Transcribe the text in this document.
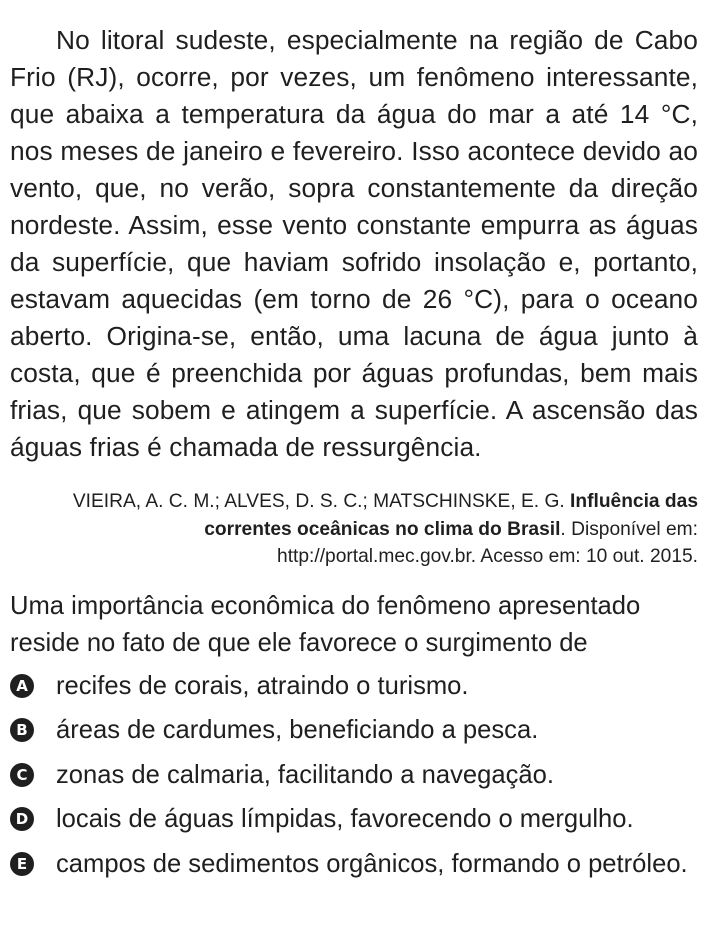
No litoral sudeste, especialmente na região de Cabo Frio (RJ), ocorre, por vezes, um fenômeno interessante, que abaixa a temperatura da água do mar a até 14 °C, nos meses de janeiro e fevereiro. Isso acontece devido ao vento, que, no verão, sopra constantemente da direção nordeste. Assim, esse vento constante empurra as águas da superfície, que haviam sofrido insolação e, portanto, estavam aquecidas (em torno de 26 °C), para o oceano aberto. Origina-se, então, uma lacuna de água junto à costa, que é preenchida por águas profundas, bem mais frias, que sobem e atingem a superfície. A ascensão das águas frias é chamada de ressurgência.

VIEIRA, A. C. M.; ALVES, D. S. C.; MATSCHINSKE, E. G. Influência das correntes oceânicas no clima do Brasil. Disponível em: http://portal.mec.gov.br. Acesso em: 10 out. 2015.

Uma importância econômica do fenômeno apresentado reside no fato de que ele favorece o surgimento de

A recifes de corais, atraindo o turismo.
B áreas de cardumes, beneficiando a pesca.
C zonas de calmaria, facilitando a navegação.
D locais de águas límpidas, favorecendo o mergulho.
E campos de sedimentos orgânicos, formando o petróleo.
